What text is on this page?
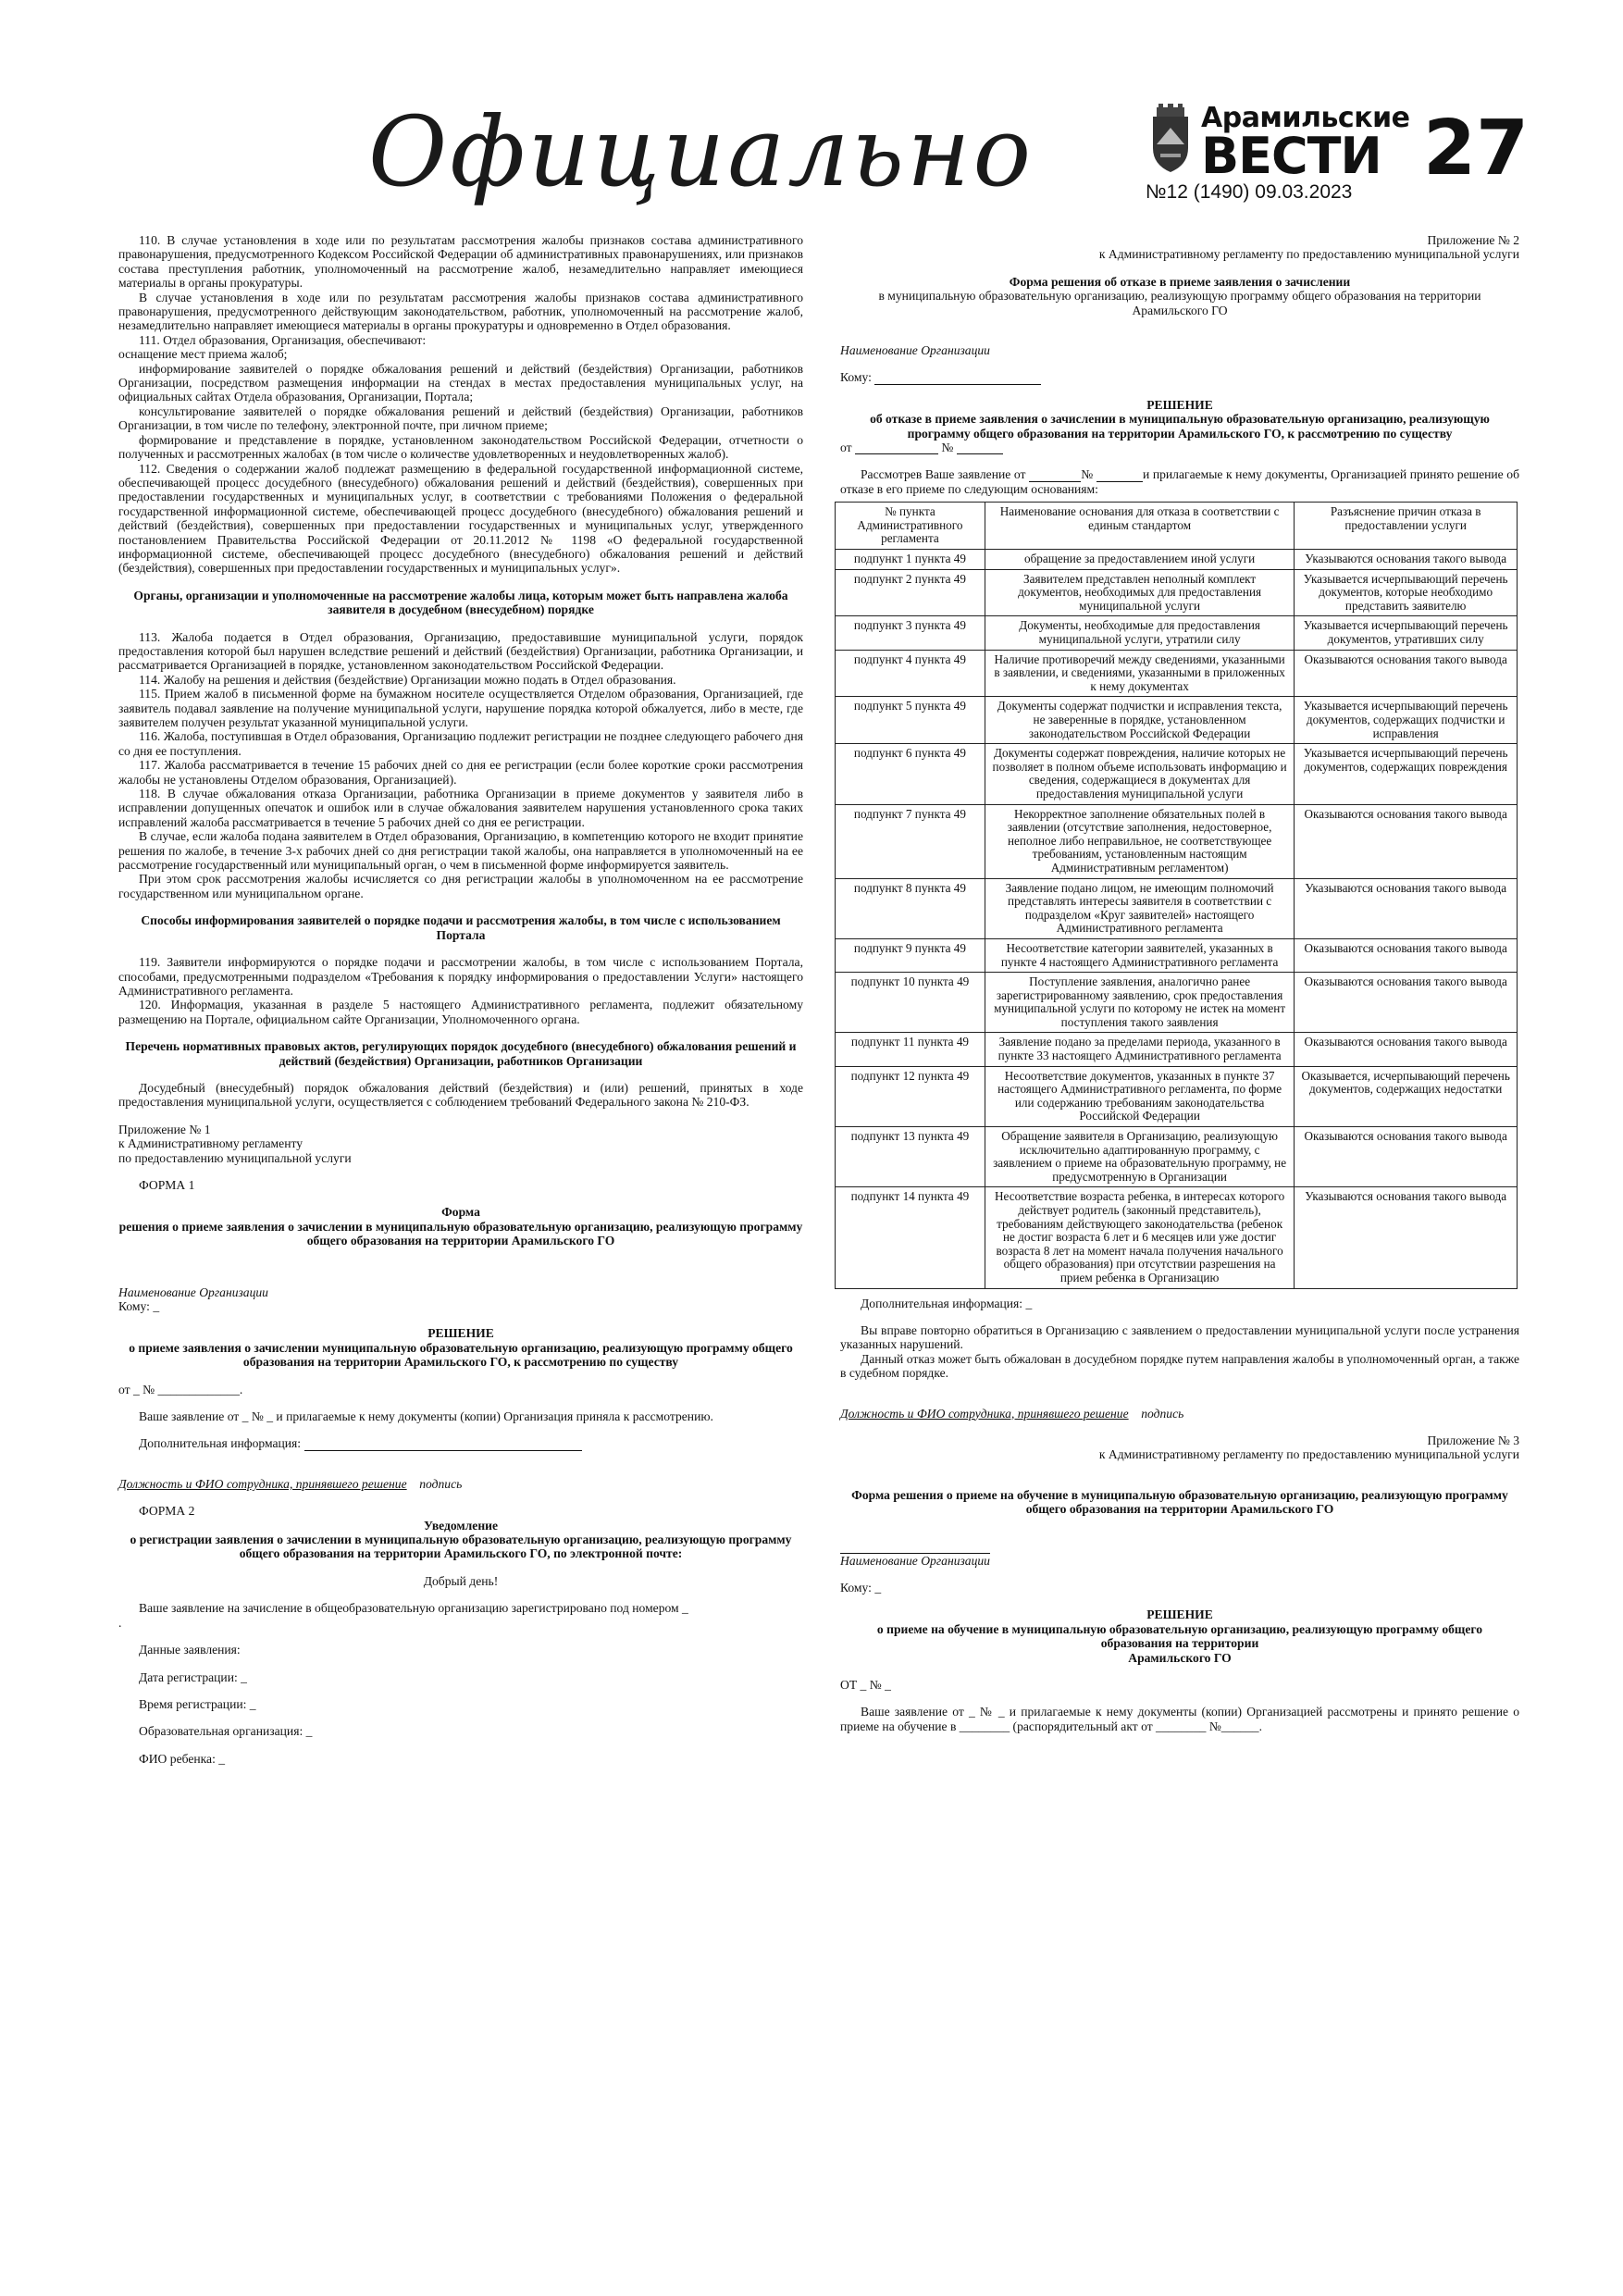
Официально	Арамильские
ВЕСТИ 27
№12 (1490) 09.03.2023

110. В случае установления в ходе или по результатам рассмотрения жалобы признаков состава административного правонарушения, предусмотренного Кодексом Российской Федерации об административных правонарушениях, или признаков состава преступления работник, уполномоченный на рассмотрение жалоб, незамедлительно направляет имеющиеся материалы в органы прокуратуры.

В случае установления в ходе или по результатам рассмотрения жалобы признаков состава административного правонарушения, предусмотренного действующим законодательством, работник, уполномоченный на рассмотрение жалоб, незамедлительно направляет имеющиеся материалы в органы прокуратуры и одновременно в Отдел образования.

111. Отдел образования, Организация, обеспечивают:

оснащение мест приема жалоб;

информирование заявителей о порядке обжалования решений и действий (бездействия) Организации, работников Организации, посредством размещения информации на стендах в местах предоставления муниципальных услуг, на официальных сайтах Отдела образования, Организации, Портала;

консультирование заявителей о порядке обжалования решений и действий (бездействия) Организации, работников Организации, в том числе по телефону, электронной почте, при личном приеме;

формирование и представление в порядке, установленном законодательством Российской Федерации, отчетности о полученных и рассмотренных жалобах (в том числе о количестве удовлетворенных и неудовлетворенных жалоб).

112. Сведения о содержании жалоб подлежат размещению в федеральной государственной информационной системе, обеспечивающей процесс досудебного (внесудебного) обжалования решений и действий (бездействия), совершенных при предоставлении государственных и муниципальных услуг, в соответствии с требованиями Положения о федеральной государственной информационной системе, обеспечивающей процесс досудебного (внесудебного) обжалования решений и действий (бездействия), совершенных при предоставлении государственных и муниципальных услуг, утвержденного постановлением Правительства Российской Федерации от 20.11.2012 № 1198 «О федеральной государственной информационной системе, обеспечивающей процесс досудебного (внесудебного) обжалования решений и действий (бездействия), совершенных при предоставлении государственных и муниципальных услуг».

Органы, организации и уполномоченные на рассмотрение жалобы лица, которым может быть направлена жалоба заявителя в досудебном (внесудебном) порядке

113. Жалоба подается в Отдел образования, Организацию, предоставившие муниципальной услуги, порядок предоставления которой был нарушен вследствие решений и действий (бездействия) Организации, работника Организации, и рассматривается Организацией в порядке, установленном законодательством Российской Федерации.

114. Жалобу на решения и действия (бездействие) Организации можно подать в Отдел образования.

115. Прием жалоб в письменной форме на бумажном носителе осуществляется Отделом образования, Организацией, где заявитель подавал заявление на получение муниципальной услуги, нарушение порядка которой обжалуется, либо в месте, где заявителем получен результат указанной муниципальной услуги.

116. Жалоба, поступившая в Отдел образования, Организацию подлежит регистрации не позднее следующего рабочего дня со дня ее поступления.

117. Жалоба рассматривается в течение 15 рабочих дней со дня ее регистрации (если более короткие сроки рассмотрения жалобы не установлены Отделом образования, Организацией).

118. В случае обжалования отказа Организации, работника Организации в приеме документов у заявителя либо в исправлении допущенных опечаток и ошибок или в случае обжалования заявителем нарушения установленного срока таких исправлений жалоба рассматривается в течение 5 рабочих дней со дня ее регистрации.

В случае, если жалоба подана заявителем в Отдел образования, Организацию, в компетенцию которого не входит принятие решения по жалобе, в течение 3-х рабочих дней со дня регистрации такой жалобы, она направляется в уполномоченный на ее рассмотрение государственный или муниципальный орган, о чем в письменной форме информируется заявитель.

При этом срок рассмотрения жалобы исчисляется со дня регистрации жалобы в уполномоченном на ее рассмотрение государственном или муниципальном органе.

Способы информирования заявителей о порядке подачи и рассмотрения жалобы, в том числе с использованием Портала

119. Заявители информируются о порядке подачи и рассмотрении жалобы, в том числе с использованием Портала, способами, предусмотренными подразделом «Требования к порядку информирования о предоставлении Услуги» настоящего Административного регламента.

120. Информация, указанная в разделе 5 настоящего Административного регламента, подлежит обязательному размещению на Портале, официальном сайте Организации, Уполномоченного органа.

Перечень нормативных правовых актов, регулирующих порядок досудебного (внесудебного) обжалования решений и действий (бездействия) Организации, работников Организации

Досудебный (внесудебный) порядок обжалования действий (бездействия) и (или) решений, принятых в ходе предоставления муниципальной услуги, осуществляется с соблюдением требований Федерального закона № 210-ФЗ.

Приложение № 1

к Административному регламенту

по предоставлению муниципальной услуги

ФОРМА 1

Форма

решения о приеме заявления о зачислении в муниципальную образовательную организацию, реализующую программу общего образования на территории Арамильского ГО

Наименование Организации

Кому: _

РЕШЕНИЕ

о приеме заявления о зачислении муниципальную образовательную организацию, реализующую программу общего образования на территории Арамильского ГО, к рассмотрению по существу

от _ № _____________.

Ваше заявление от _ № _ и прилагаемые к нему документы (копии) Организация приняла к рассмотрению.

Дополнительная информация:

Должность и ФИО сотрудника, принявшего решение подпись

ФОРМА 2

Уведомление

о регистрации заявления о зачислении в муниципальную образовательную организацию, реализующую программу общего образования на территории Арамильского ГО, по электронной почте:

Добрый день!

Ваше заявление на зачисление в общеобразовательную организацию зарегистрировано под номером _

.

Данные заявления:

Дата регистрации: _

Время регистрации: _

Образовательная организация: _

ФИО ребенка: _

Приложение № 2

к Административному регламенту по предоставлению муниципальной услуги

Форма решения об отказе в приеме заявления о зачислении

в муниципальную образовательную организацию, реализующую программу общего образования на территории Арамильского ГО

Наименование Организации

Кому:

РЕШЕНИЕ

об отказе в приеме заявления о зачислении в муниципальную образовательную организацию, реализующую программу общего образования на территории Арамильского ГО, к рассмотрению по существу

от	№

Рассмотрев Ваше заявление от	№	и прилагаемые к нему документы, Организацией принято решение об отказе в его приеме по следующим основаниям:

№ пункта Административного регламента	Наименование основания для отказа в соответствии с единым стандартом	Разъяснение причин отказа в предоставлении услуги
подпункт 1 пункта 49	обращение за предоставлением иной услуги	Указываются основания такого вывода
подпункт 2 пункта 49	Заявителем представлен неполный комплект документов, необходимых для предоставления муниципальной услуги	Указывается исчерпывающий перечень документов, которые необходимо представить заявителю
подпункт 3 пункта 49	Документы, необходимые для предоставления муниципальной услуги, утратили силу	Указывается исчерпывающий перечень документов, утративших силу
подпункт 4 пункта 49	Наличие противоречий между сведениями, указанными в заявлении, и сведениями, указанными в приложенных к нему документах	Оказываются основания такого вывода
подпункт 5 пункта 49	Документы содержат подчистки и исправления текста, не заверенные в порядке, установленном законодательством Российской Федерации	Указывается исчерпывающий перечень документов, содержащих подчистки и исправления
подпункт 6 пункта 49	Документы содержат повреждения, наличие которых не позволяет в полном объеме использовать информацию и сведения, содержащиеся в документах для предоставления муниципальной услуги	Указывается исчерпывающий перечень документов, содержащих повреждения
подпункт 7 пункта 49	Некорректное заполнение обязательных полей в заявлении (отсутствие заполнения, недостоверное, неполное либо неправильное, не соответствующее требованиям, установленным настоящим Административным регламентом)	Оказываются основания такого вывода
подпункт 8 пункта 49	Заявление подано лицом, не имеющим полномочий представлять интересы заявителя в соответствии с подразделом «Круг заявителей» настоящего Административного регламента	Указываются основания такого вывода
подпункт 9 пункта 49	Несоответствие категории заявителей, указанных в пункте 4 настоящего Административного регламента	Оказываются основания такого вывода
подпункт 10 пункта 49	Поступление заявления, аналогично ранее зарегистрированному заявлению, срок предоставления муниципальной услуги по которому не истек на момент поступления такого заявления	Оказываются основания такого вывода
подпункт 11 пункта 49	Заявление подано за пределами периода, указанного в пункте 33 настоящего Административного регламента	Оказываются основания такого вывода
подпункт 12 пункта 49	Несоответствие документов, указанных в пункте 37 настоящего Административного регламента, по форме или содержанию требованиям законодательства Российской Федерации	Оказывается, исчерпывающий перечень документов, содержащих недостатки
подпункт 13 пункта 49	Обращение заявителя в Организацию, реализующую исключительно адаптированную программу, с заявлением о приеме на образовательную программу, не предусмотренную в Организации	Оказываются основания такого вывода
подпункт 14 пункта 49	Несоответствие возраста ребенка, в интересах которого действует родитель (законный представитель), требованиям действующего законодательства (ребенок не достиг возраста 6 лет и 6 месяцев или уже достиг возраста 8 лет на момент начала получения начального общего образования) при отсутствии разрешения на прием ребенка в Организацию	Указываются основания такого вывода

Дополнительная информация: _

Вы вправе повторно обратиться в Организацию с заявлением о предоставлении муниципальной услуги после устранения указанных нарушений.

Данный отказ может быть обжалован в досудебном порядке путем направления жалобы в уполномоченный орган, а также в судебном порядке.

Должность и ФИО сотрудника, принявшего решение подпись

Приложение № 3

к Административному регламенту по предоставлению муниципальной услуги

Форма решения о приеме на обучение в муниципальную образовательную организацию, реализующую программу общего образования на территории Арамильского ГО

Наименование Организации

Кому: _

РЕШЕНИЕ

о приеме на обучение в муниципальную образовательную организацию, реализующую программу общего образования на территории

Арамильского ГО

ОТ _ № _

Ваше заявление от _ № _ и прилагаемые к нему документы (копии) Организацией рассмотрены и принято решение о приеме на обучение в ________ (распорядительный акт от ________ №______.
